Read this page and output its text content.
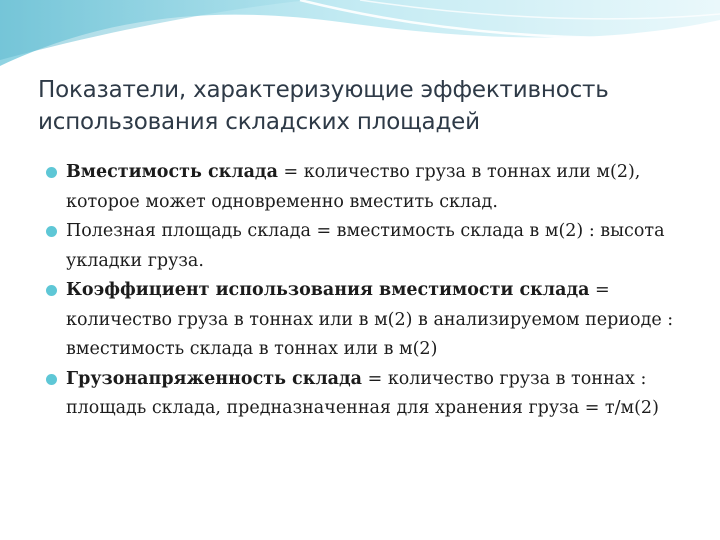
Показатели, характеризующие эффективность использования складских площадей
Вместимость склада = количество груза в тоннах или м(2), которое может одновременно вместить склад.
Полезная площадь склада = вместимость склада в м(2) : высота укладки груза.
Коэффициент использования вместимости склада = количество груза в тоннах или в м(2) в анализируемом периоде : вместимость склада в тоннах или в м(2)
Грузонапряженность склада = количество груза в тоннах : площадь склада, предназначенная для хранения груза = т/м(2)
